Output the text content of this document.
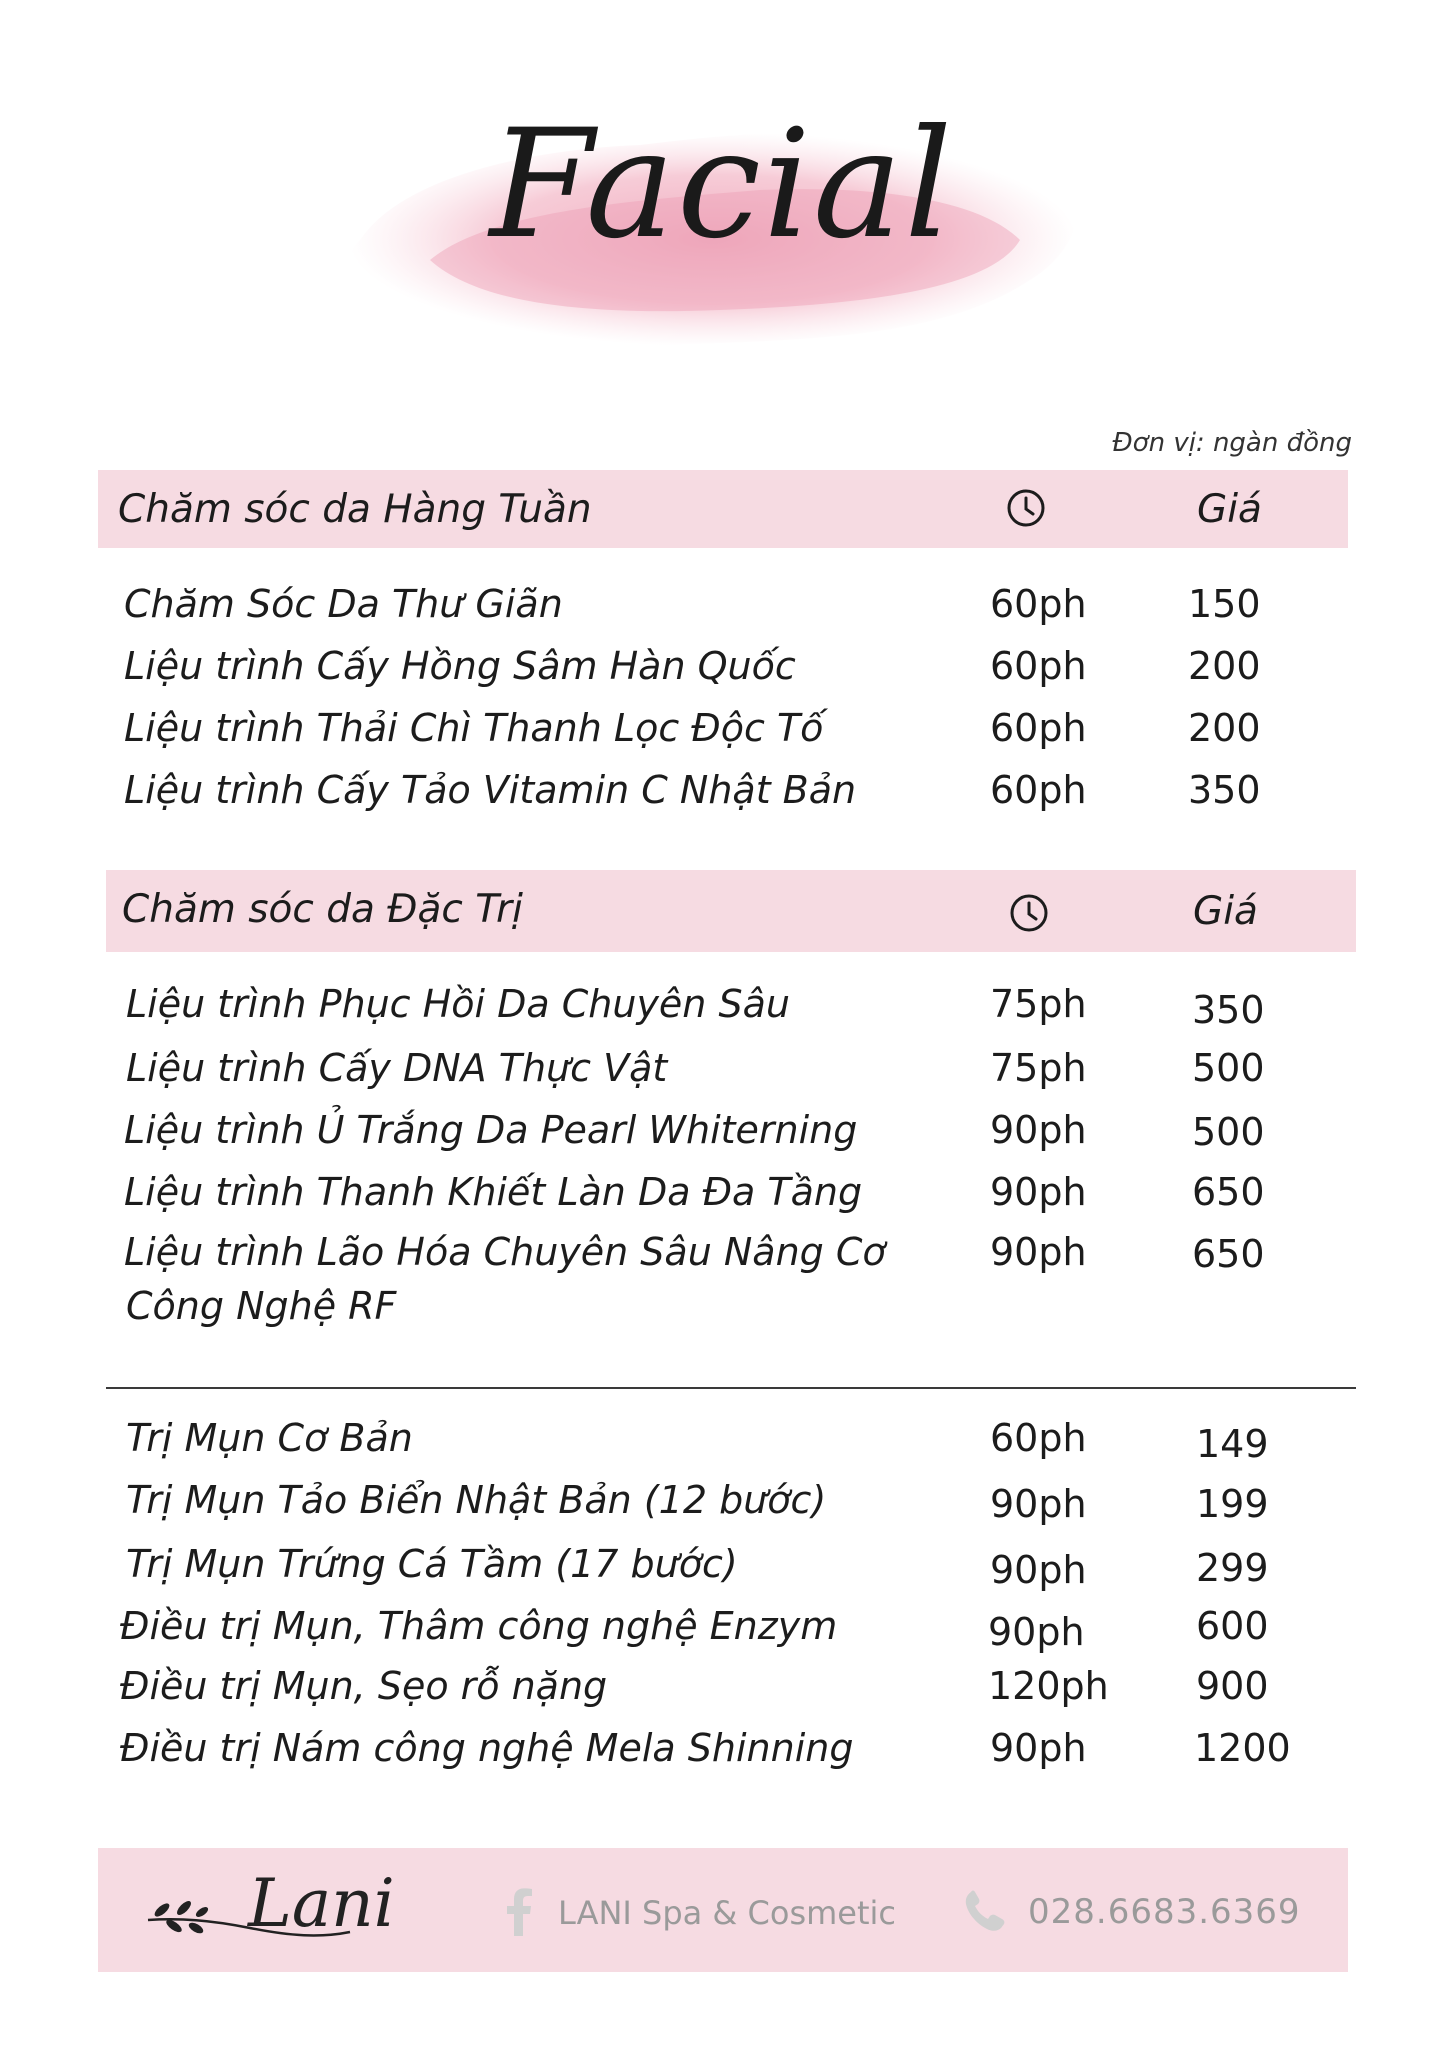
Facial
Đơn vị: ngàn đồng
Chăm sóc da Hàng Tuần	Giá
Chăm Sóc Da Thư Giãn	60ph	150
Liệu trình Cấy Hồng Sâm Hàn Quốc	60ph	200
Liệu trình Thải Chì Thanh Lọc Độc Tố	60ph	200
Liệu trình Cấy Tảo Vitamin C Nhật Bản	60ph	350
Chăm sóc da Đặc Trị	Giá
Liệu trình Phục Hồi Da Chuyên Sâu	75ph	350
Liệu trình Cấy DNA Thực Vật	75ph	500
Liệu trình Ủ Trắng Da Pearl Whiterning	90ph	500
Liệu trình Thanh Khiết Làn Da Đa Tầng	90ph	650
Liệu trình Lão Hóa Chuyên Sâu Nâng Cơ
Công Nghệ RF
90ph	650
Trị Mụn Cơ Bản	60ph	149
Trị Mụn Tảo Biển Nhật Bản (12 bước)	90ph	199
Trị Mụn Trứng Cá Tầm (17 bước)	90ph	299
Điều trị Mụn, Thâm công nghệ Enzym	90ph	600
Điều trị Mụn, Sẹo rỗ nặng	120ph 900
Điều trị Nám công nghệ Mela Shinning	90ph	1200
Lani	LANI Spa & Cosmetic	028.6683.6369
